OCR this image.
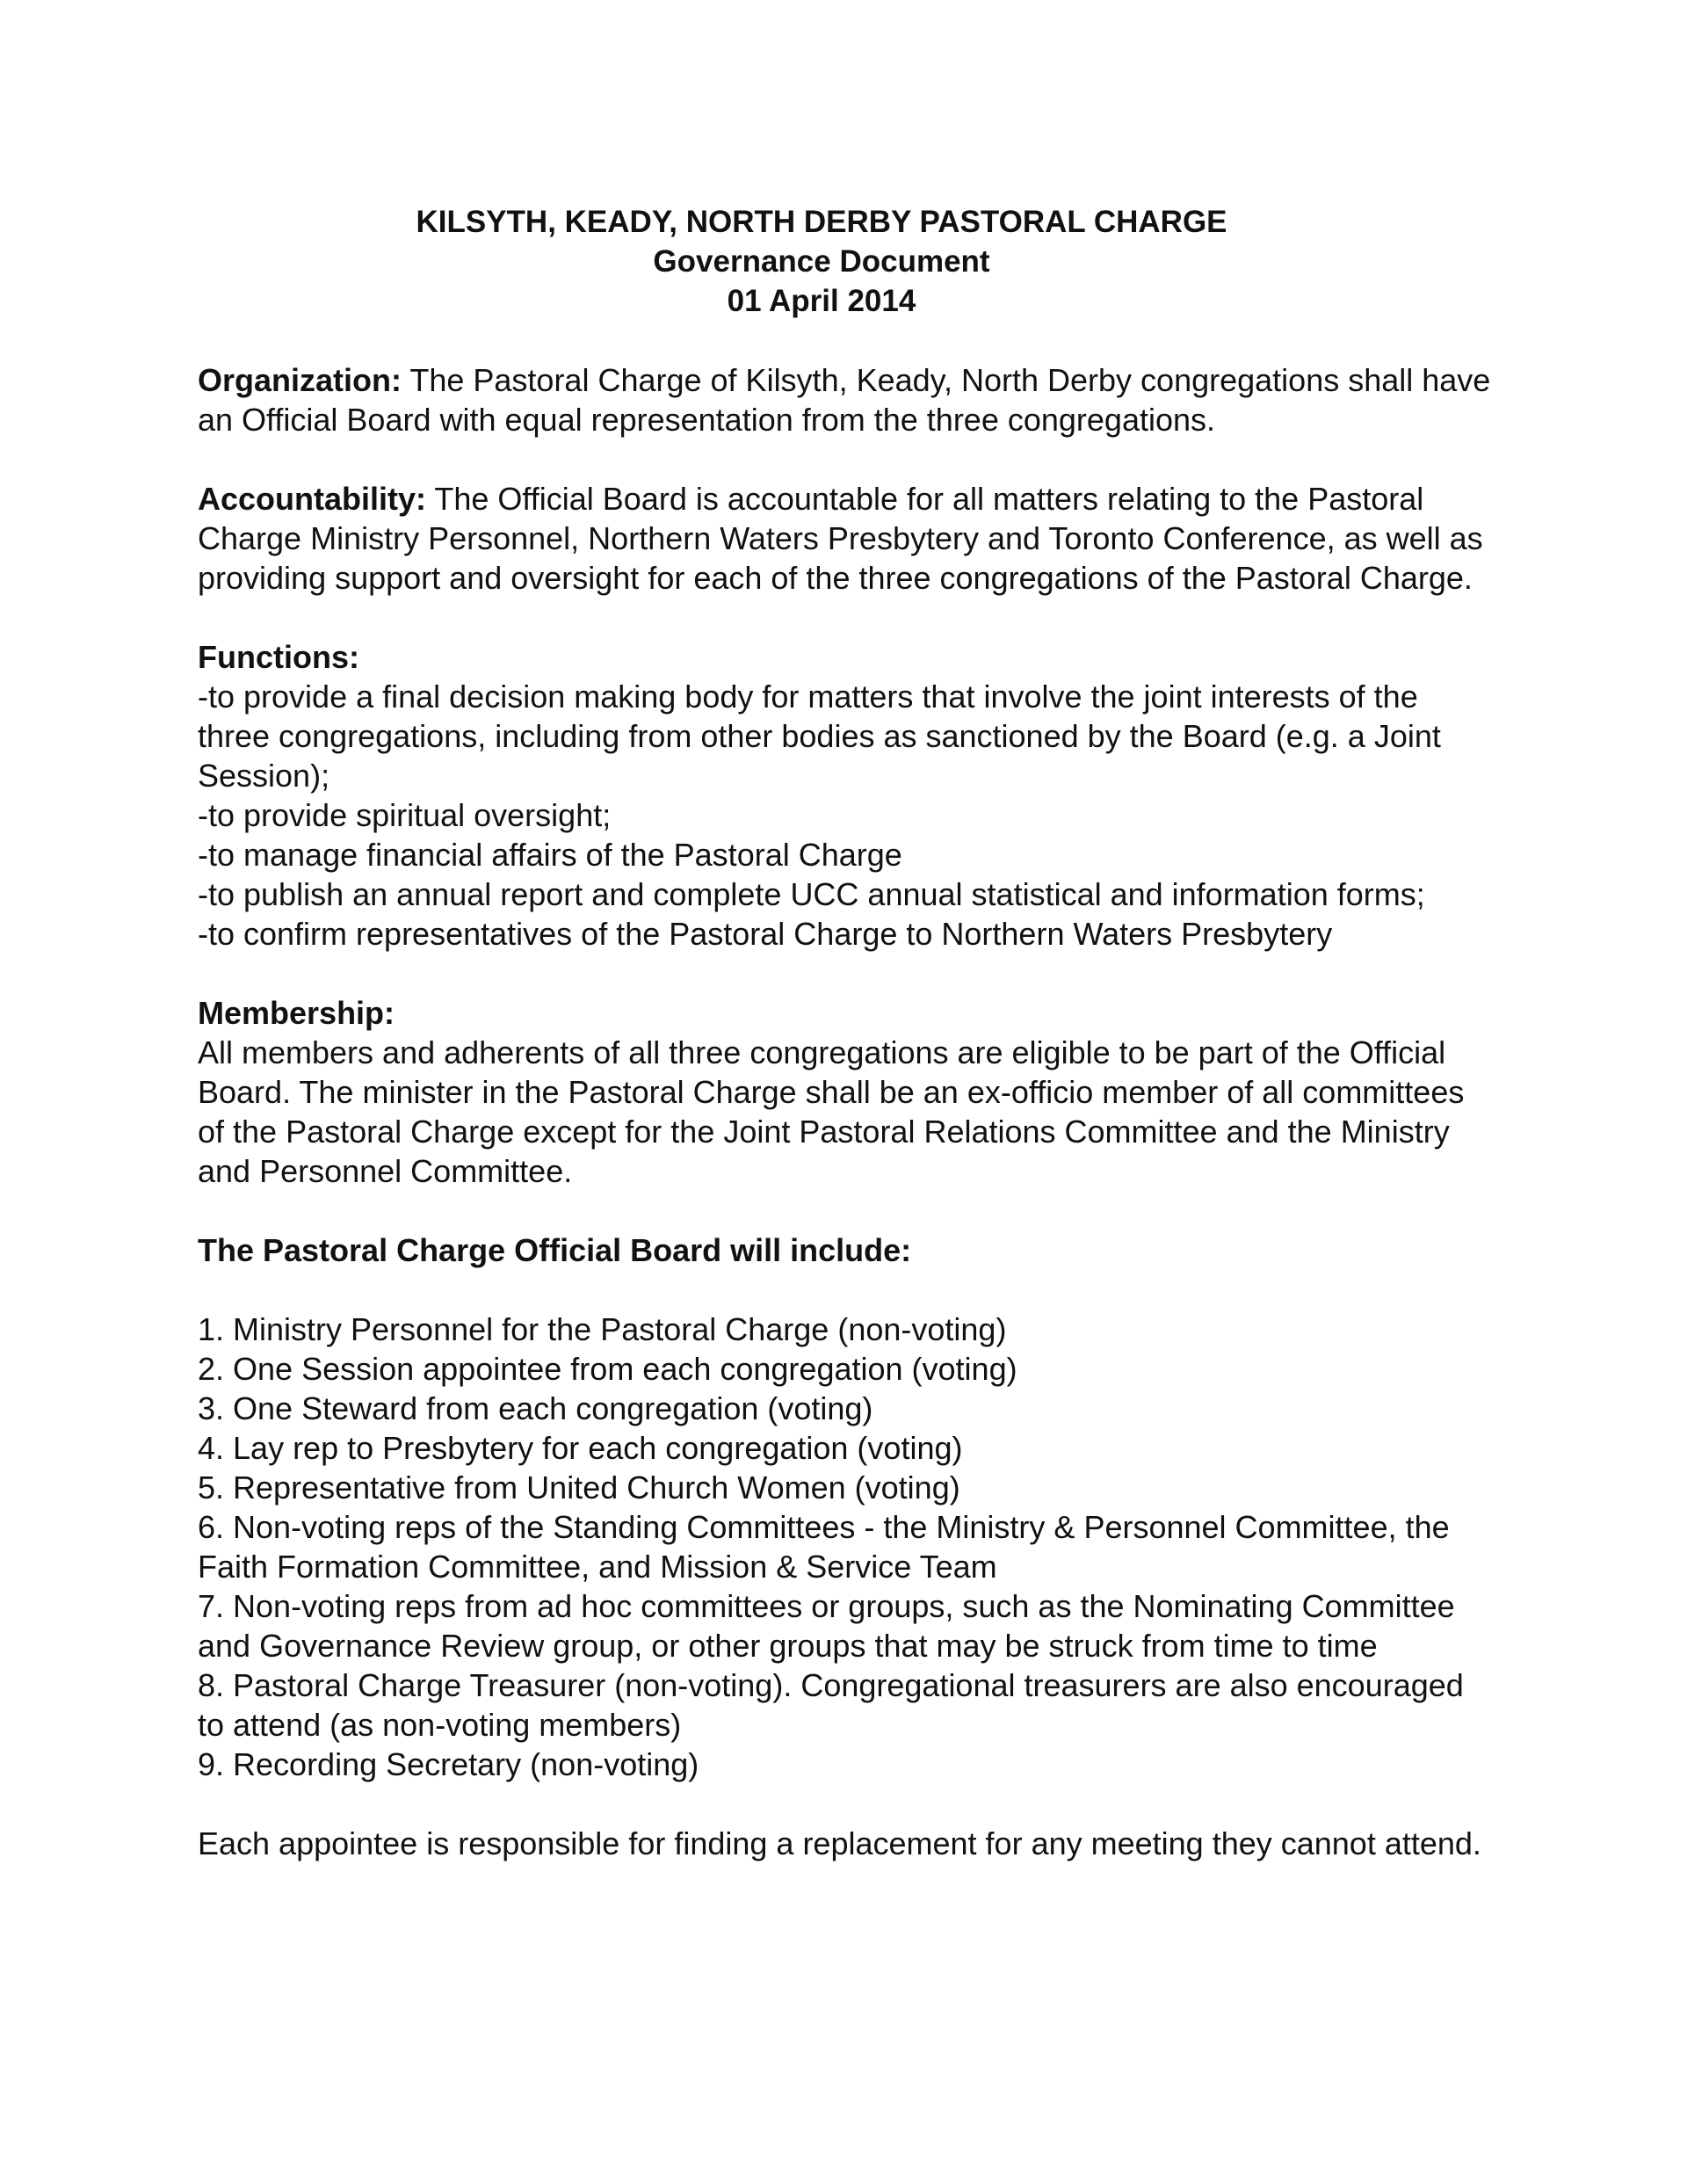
KILSYTH, KEADY, NORTH DERBY PASTORAL CHARGE
Governance Document
01 April 2014

Organization: The Pastoral Charge of Kilsyth, Keady, North Derby congregations shall have an Official Board with equal representation from the three congregations.

Accountability: The Official Board is accountable for all matters relating to the Pastoral Charge Ministry Personnel, Northern Waters Presbytery and Toronto Conference, as well as providing support and oversight for each of the three congregations of the Pastoral Charge.

Functions:
-to provide a final decision making body for matters that involve the joint interests of the three congregations, including from other bodies as sanctioned by the Board (e.g. a Joint Session);
-to provide spiritual oversight;
-to manage financial affairs of the Pastoral Charge
-to publish an annual report and complete UCC annual statistical and information forms;
-to confirm representatives of the Pastoral Charge to Northern Waters Presbytery

Membership:
All members and adherents of all three congregations are eligible to be part of the Official Board. The minister in the Pastoral Charge shall be an ex-officio member of all committees of the Pastoral Charge except for the Joint Pastoral Relations Committee and the Ministry and Personnel Committee.

The Pastoral Charge Official Board will include:
1. Ministry Personnel for the Pastoral Charge (non-voting)
2. One Session appointee from each congregation (voting)
3. One Steward from each congregation (voting)
4. Lay rep to Presbytery for each congregation (voting)
5. Representative from United Church Women (voting)
6. Non-voting reps of the Standing Committees - the Ministry & Personnel Committee, the Faith Formation Committee, and Mission & Service Team
7. Non-voting reps from ad hoc committees or groups, such as the Nominating Committee and Governance Review group, or other groups that may be struck from time to time
8. Pastoral Charge Treasurer (non-voting). Congregational treasurers are also encouraged to attend (as non-voting members)
9. Recording Secretary (non-voting)

Each appointee is responsible for finding a replacement for any meeting they cannot attend.
